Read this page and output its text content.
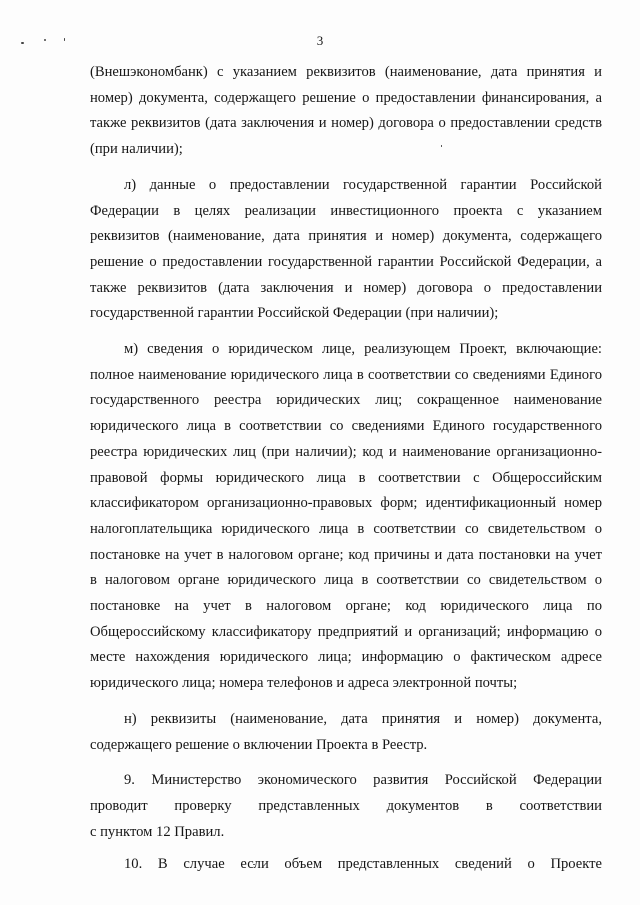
3

(Внешэкономбанк) с указанием реквизитов (наименование, дата принятия и
номер) документа, содержащего решение о предоставлении финансирования, а
также реквизитов (дата заключения и номер) договора о предоставлении средств
(при наличии);

л) данные о предоставлении государственной гарантии Российской
Федерации в целях реализации инвестиционного проекта с указанием
реквизитов (наименование, дата принятия и номер) документа, содержащего
решение о предоставлении государственной гарантии Российской Федерации, а
также реквизитов (дата заключения и номер) договора о предоставлении
государственной гарантии Российской Федерации (при наличии);

м) сведения о юридическом лице, реализующем Проект, включающие:
полное наименование юридического лица в соответствии со сведениями Единого
государственного реестра юридических лиц; сокращенное наименование
юридического лица в соответствии со сведениями Единого государственного
реестра юридических лиц (при наличии); код и наименование организационно-
правовой формы юридического лица в соответствии с Общероссийским
классификатором организационно-правовых форм; идентификационный номер
налогоплательщика юридического лица в соответствии со свидетельством о
постановке на учет в налоговом органе; код причины и дата постановки на учет
в налоговом органе юридического лица в соответствии со свидетельством о
постановке на учет в налоговом органе; код юридического лица по
Общероссийскому классификатору предприятий и организаций; информацию о
месте нахождения юридического лица; информацию о фактическом адресе
юридического лица; номера телефонов и адреса электронной почты;

н) реквизиты (наименование, дата принятия и номер) документа,
содержащего решение о включении Проекта в Реестр.

9. Министерство экономического развития Российской Федерации
проводит проверку представленных документов в соответствии
с пунктом 12 Правил.

10. В случае если объем представленных сведений о Проекте
